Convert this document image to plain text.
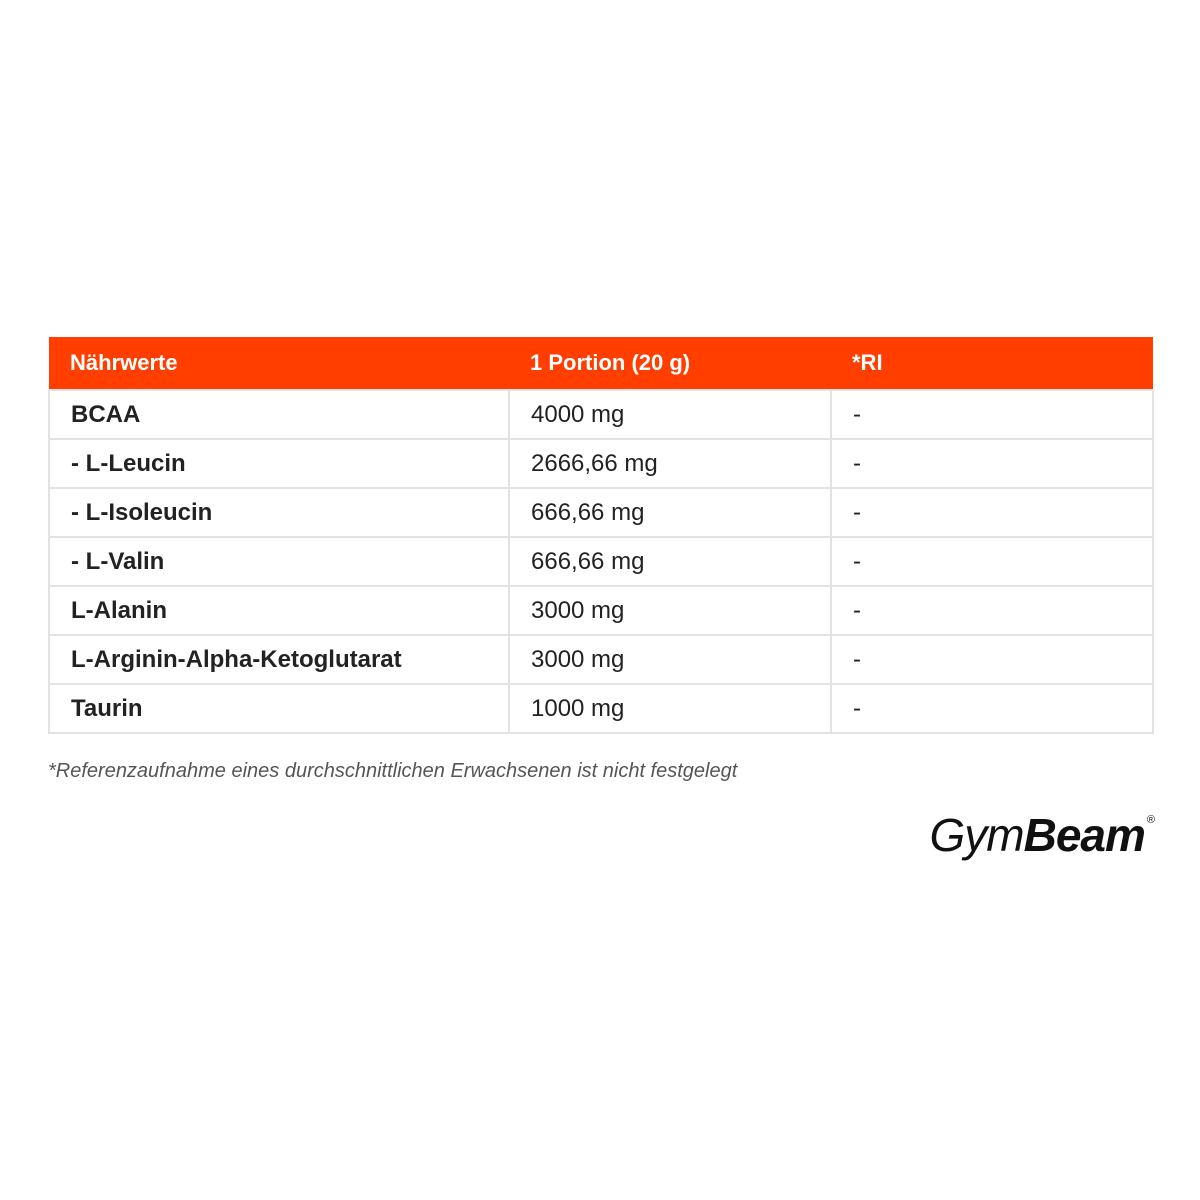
Nährwerte	1 Portion (20 g)	*RI
BCAA	4000 mg	-
- L-Leucin	2666,66 mg	-
- L-Isoleucin	666,66 mg	-
- L-Valin	666,66 mg	-
L-Alanin	3000 mg	-
L-Arginin-Alpha-Ketoglutarat	3000 mg	-
Taurin	1000 mg	-
*Referenzaufnahme eines durchschnittlichen Erwachsenen ist nicht festgelegt
GymBeam ®
